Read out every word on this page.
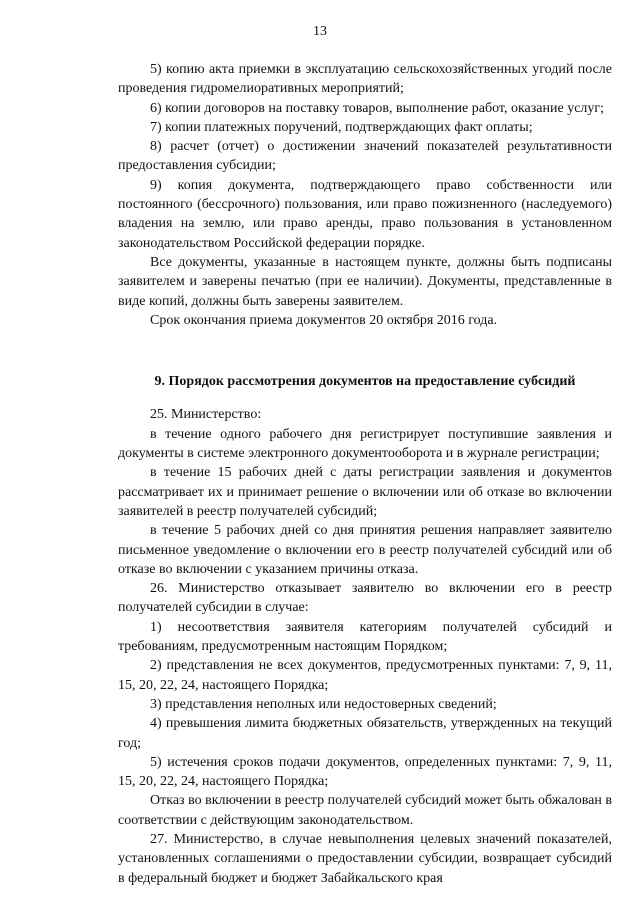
13

5) копию акта приемки в эксплуатацию сельскохозяйственных угодий после проведения гидромелиоративных мероприятий;

6) копии договоров на поставку товаров, выполнение работ, оказание услуг;

7) копии платежных поручений, подтверждающих факт оплаты;

8) расчет (отчет) о достижении значений показателей результативности предоставления субсидии;

9) копия документа, подтверждающего право собственности или постоянного (бессрочного) пользования, или право пожизненного (наследуемого) владения на землю, или право аренды, право пользования в установленном законодательством Российской федерации порядке.

Все документы, указанные в настоящем пункте, должны быть подписаны заявителем и заверены печатью (при ее наличии). Документы, представленные в виде копий, должны быть заверены заявителем.

Срок окончания приема документов 20 октября 2016 года.

9. Порядок рассмотрения документов на предоставление субсидий

25. Министерство:

в течение одного рабочего дня регистрирует поступившие заявления и документы в системе электронного документооборота и в журнале регистрации;

в течение 15 рабочих дней с даты регистрации заявления и документов рассматривает их и принимает решение о включении или об отказе во включении заявителей в реестр получателей субсидий;

в течение 5 рабочих дней со дня принятия решения направляет заявителю письменное уведомление о включении его в реестр получателей субсидий или об отказе во включении с указанием причины отказа.

26. Министерство отказывает заявителю во включении его в реестр получателей субсидии в случае:

1) несоответствия заявителя категориям получателей субсидий и требованиям, предусмотренным настоящим Порядком;

2) представления не всех документов, предусмотренных пунктами: 7, 9, 11, 15, 20, 22, 24, настоящего Порядка;

3) представления неполных или недостоверных сведений;

4) превышения лимита бюджетных обязательств, утвержденных на текущий год;

5) истечения сроков подачи документов, определенных пунктами: 7, 9, 11, 15, 20, 22, 24, настоящего Порядка;

Отказ во включении в реестр получателей субсидий может быть обжалован в соответствии с действующим законодательством.

27. Министерство, в случае невыполнения целевых значений показателей, установленных соглашениями о предоставлении субсидии, возвращает субсидий в федеральный бюджет и бюджет Забайкальского края
